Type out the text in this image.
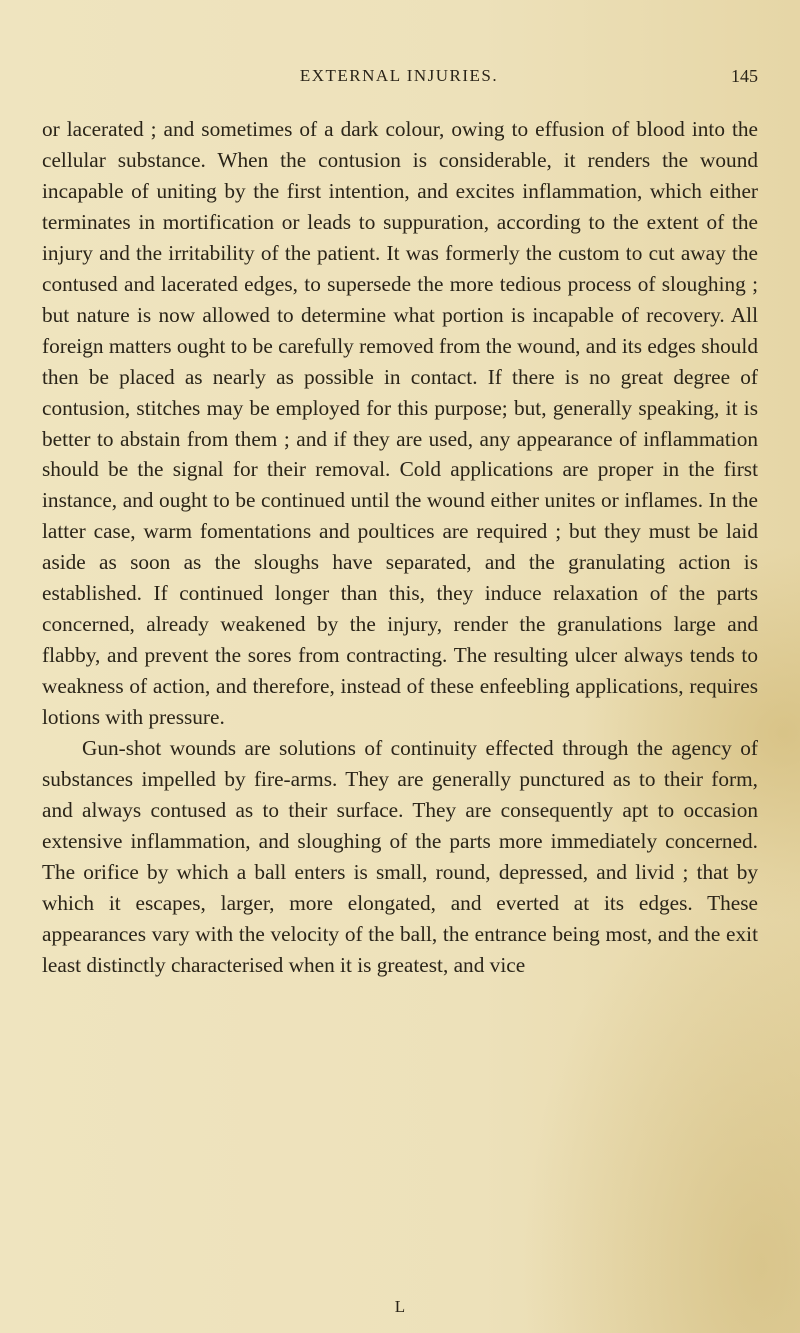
EXTERNAL INJURIES.	145

or lacerated ; and sometimes of a dark colour, owing to effusion of blood into the cellular substance. When the contusion is considerable, it renders the wound incapable of uniting by the first intention, and excites inflammation, which either terminates in mortification or leads to suppuration, according to the extent of the injury and the irritability of the patient. It was formerly the custom to cut away the contused and lacerated edges, to supersede the more tedious process of sloughing ; but nature is now allowed to determine what portion is incapable of recovery. All foreign matters ought to be carefully removed from the wound, and its edges should then be placed as nearly as possible in contact. If there is no great degree of contusion, stitches may be employed for this purpose; but, generally speaking, it is better to abstain from them ; and if they are used, any appearance of inflammation should be the signal for their removal. Cold applications are proper in the first instance, and ought to be continued until the wound either unites or inflames. In the latter case, warm fomentations and poultices are required ; but they must be laid aside as soon as the sloughs have separated, and the granulating action is established. If continued longer than this, they induce relaxation of the parts concerned, already weakened by the injury, render the granulations large and flabby, and prevent the sores from contracting. The resulting ulcer always tends to weakness of action, and therefore, instead of these enfeebling applications, requires lotions with pressure.

Gun-shot wounds are solutions of continuity effected through the agency of substances impelled by fire-arms. They are generally punctured as to their form, and always contused as to their surface. They are consequently apt to occasion extensive inflammation, and sloughing of the parts more immediately concerned. The orifice by which a ball enters is small, round, depressed, and livid ; that by which it escapes, larger, more elongated, and everted at its edges. These appearances vary with the velocity of the ball, the entrance being most, and the exit least distinctly characterised when it is greatest, and vice

L
